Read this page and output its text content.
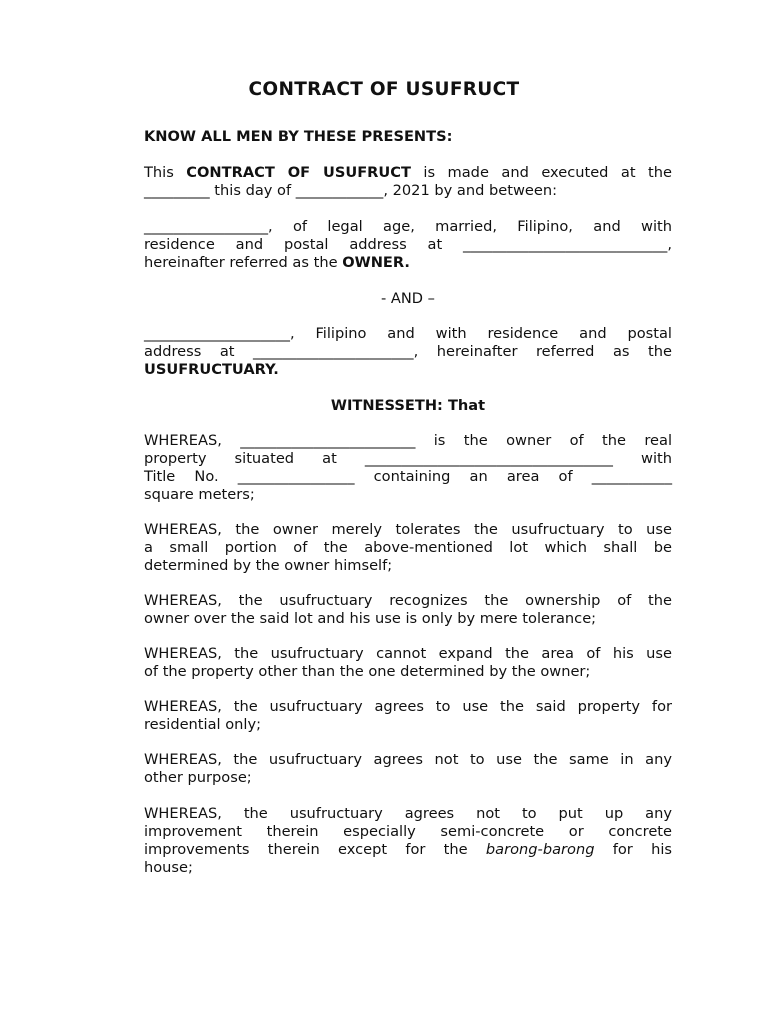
CONTRACT OF USUFRUCT
KNOW ALL MEN BY THESE PRESENTS:
This CONTRACT OF USUFRUCT is made and executed at the
_________ this day of ____________, 2021 by and between:
_________________, of legal age, married, Filipino, and with
residence and postal address at ____________________________,
hereinafter referred as the OWNER.
- AND –
____________________, Filipino and with residence and postal
address at ______________________, hereinafter referred as the
USUFRUCTUARY.
WITNESSETH: That
WHEREAS, ________________________ is the owner of the real
property situated at __________________________________ with
Title No. ________________ containing an area of ___________
square meters;
WHEREAS, the owner merely tolerates the usufructuary to use
a small portion of the above-mentioned lot which shall be
determined by the owner himself;
WHEREAS, the usufructuary recognizes the ownership of the
owner over the said lot and his use is only by mere tolerance;
WHEREAS, the usufructuary cannot expand the area of his use
of the property other than the one determined by the owner;
WHEREAS, the usufructuary agrees to use the said property for
residential only;
WHEREAS, the usufructuary agrees not to use the same in any
other purpose;
WHEREAS, the usufructuary agrees not to put up any
improvement therein especially semi-concrete or concrete
improvements therein except for the barong-barong for his
house;
